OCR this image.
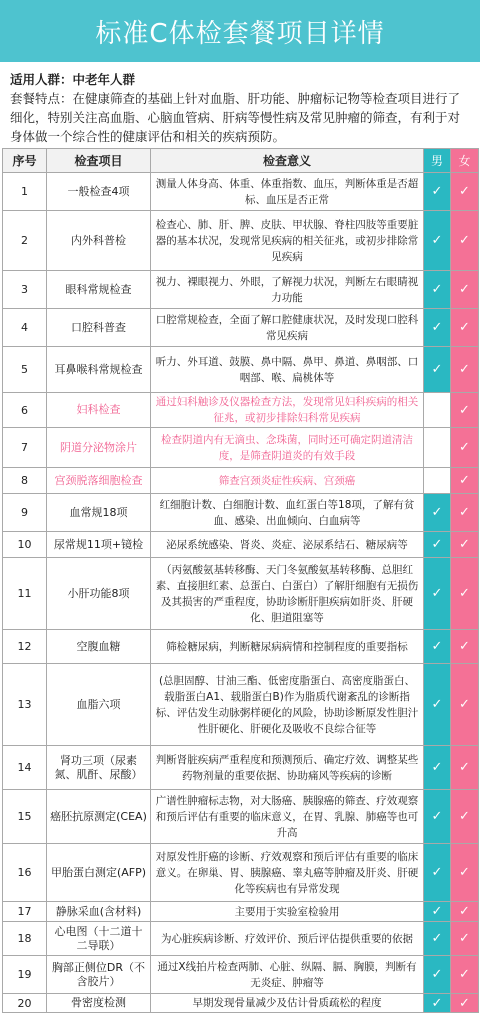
标准C体检套餐项目详情
适用人群：中老年人群
套餐特点：在健康筛查的基础上针对血脂、肝功能、肿瘤标记物等检查项目进行了细化，特别关注高血脂、心脑血管病、肝病等慢性病及常见肿瘤的筛查，有利于对身体做一个综合性的健康评估和相关的疾病预防。
序号	检查项目	检查意义	男	女
1	一般检查4项	测量人体身高、体重、体重指数、血压，判断体重是否超标、血压是否正常	✓	✓
2	内外科普检	检查心、肺、肝、脾、皮肤、甲状腺、脊柱四肢等重要脏器的基本状况，发现常见疾病的相关征兆，或初步排除常见疾病	✓	✓
3	眼科常规检查	视力、裸眼视力、外眼，了解视力状况，判断左右眼睛视力功能	✓	✓
4	口腔科普查	口腔常规检查，全面了解口腔健康状况，及时发现口腔科常见疾病	✓	✓
5	耳鼻喉科常规检查	听力、外耳道、鼓膜、鼻中隔、鼻甲、鼻道、鼻咽部、口咽部、喉、扁桃体等	✓	✓
6	妇科检查	通过妇科触诊及仪器检查方法，发现常见妇科疾病的相关征兆，或初步排除妇科常见疾病		✓
7	阴道分泌物涂片	检查阴道内有无滴虫、念珠菌，同时还可确定阴道清洁度，是筛查阴道炎的有效手段		✓
8	宫颈脱落细胞检查	筛查宫颈炎症性疾病、宫颈癌		✓
9	血常规18项	红细胞计数、白细胞计数、血红蛋白等18项，了解有贫血、感染、出血倾向、白血病等	✓	✓
10	尿常规11项+镜检	泌尿系统感染、肾炎、炎症、泌尿系结石、糖尿病等	✓	✓
11	小肝功能8项	（丙氨酸氨基转移酶、天门冬氨酸氨基转移酶、总胆红素、直接胆红素、总蛋白、白蛋白）了解肝细胞有无损伤及其损害的严重程度，协助诊断肝胆疾病如肝炎、肝硬化、胆道阻塞等	✓	✓
12	空腹血糖	筛检糖尿病，判断糖尿病病情和控制程度的重要指标	✓	✓
13	血脂六项	(总胆固醇、甘油三酯、低密度脂蛋白、高密度脂蛋白、载脂蛋白A1、载脂蛋白B)作为脂质代谢紊乱的诊断指标、评估发生动脉粥样硬化的风险，协助诊断原发性胆汁性肝硬化、肝硬化及吸收不良综合征等	✓	✓
14	肾功三项（尿素氮、肌酐、尿酸）	判断肾脏疾病严重程度和预测预后、确定疗效、调整某些药物剂量的重要依据、协助痛风等疾病的诊断	✓	✓
15	癌胚抗原测定(CEA)	广谱性肿瘤标志物，对大肠癌、胰腺癌的筛查、疗效观察和预后评估有重要的临床意义，在胃、乳腺、肺癌等也可升高	✓	✓
16	甲胎蛋白测定(AFP)	对原发性肝癌的诊断、疗效观察和预后评估有重要的临床意义。在卵巢、胃、胰腺癌、睾丸癌等肿瘤及肝炎、肝硬化等疾病也有异常发现	✓	✓
17	静脉采血(含材料)	主要用于实验室检验用	✓	✓
18	心电图（十二道十二导联）	为心脏疾病诊断、疗效评价、预后评估提供重要的依据	✓	✓
19	胸部正侧位DR（不含胶片）	通过X线拍片检查两肺、心脏、纵隔、膈、胸膜，判断有无炎症、肿瘤等	✓	✓
20	骨密度检测	早期发现骨量减少及估计骨质疏松的程度	✓	✓
